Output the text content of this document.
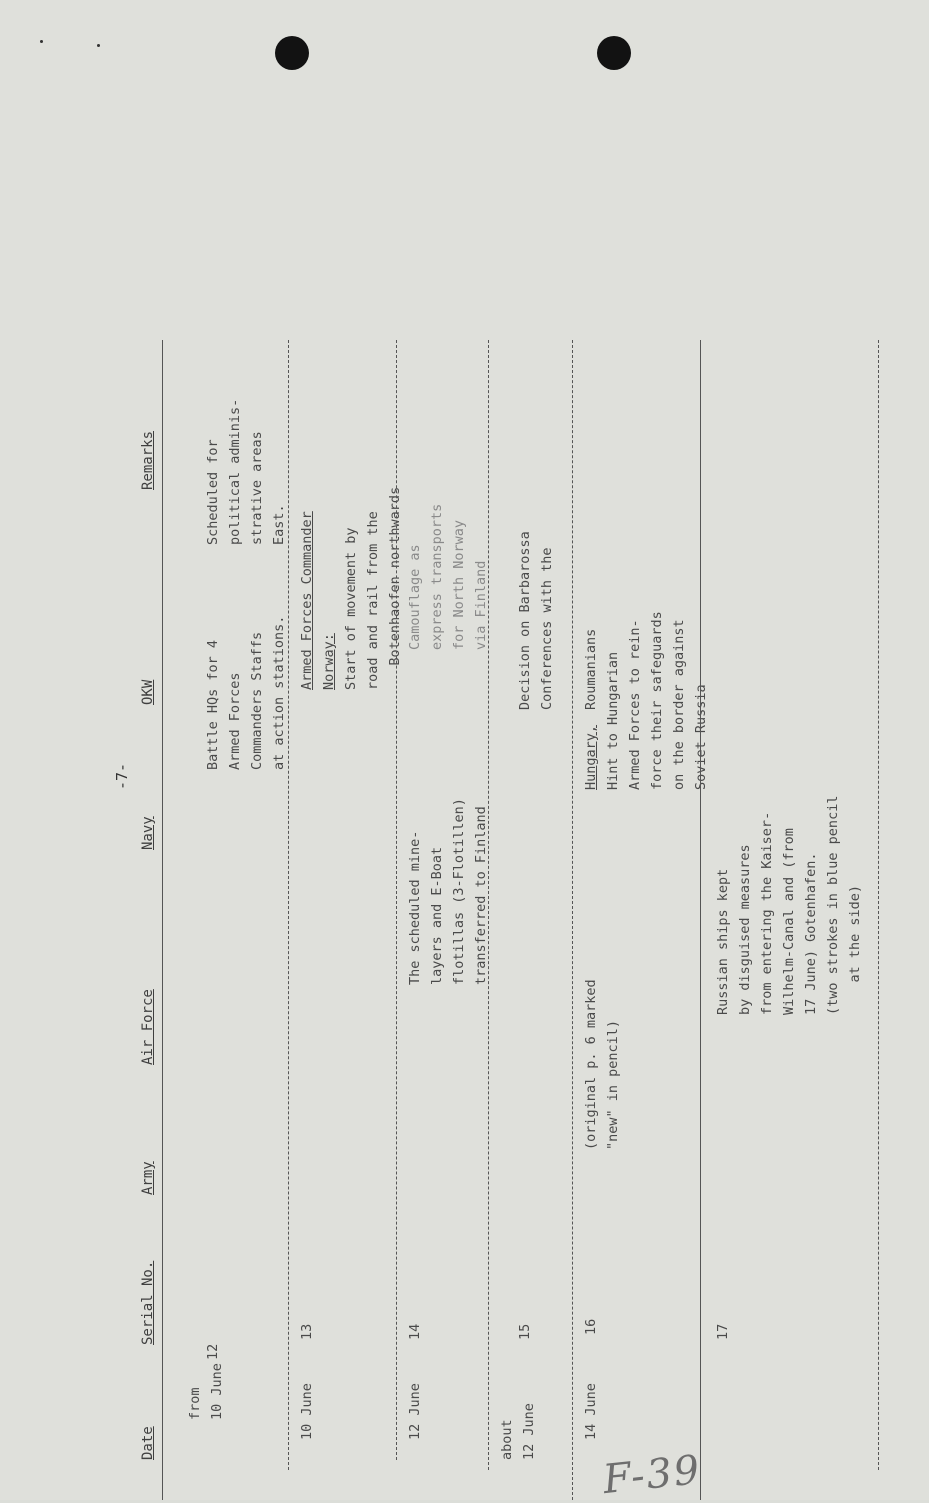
-7-
Date
Serial No.
Army
Air Force
Navy
OKW
Remarks
from
10 June
12
Battle HQs for 4
Armed Forces
Commanders Staffs
at action stations.
Scheduled for
political adminis-
strative areas
East.
10 June
13
Armed Forces Commander Norway: Start of movement by
road and rail from the
Botenhaofen northwards
12 June
14
The scheduled mine-
layers and E-Boat
flotillas (3-Flotillen)
transferred to Finland
Camouflage as
express transports
for North Norway
via Finland
about
12 June
15
Decision on Barbarossa
Conferences with the

Roumanians
14 June
16
(original p. 6 marked
"new" in pencil)
Hungary, Hint to Hungarian
Armed Forces to rein-
force their safeguards
on the border against
Soviet Russia
17
Russian ships kept
by disguised measures
from entering the Kaiser-
Wilhelm-Canal and (from
17 June) Gotenhafen.
(two strokes in blue pencil
at the side)
F-39
